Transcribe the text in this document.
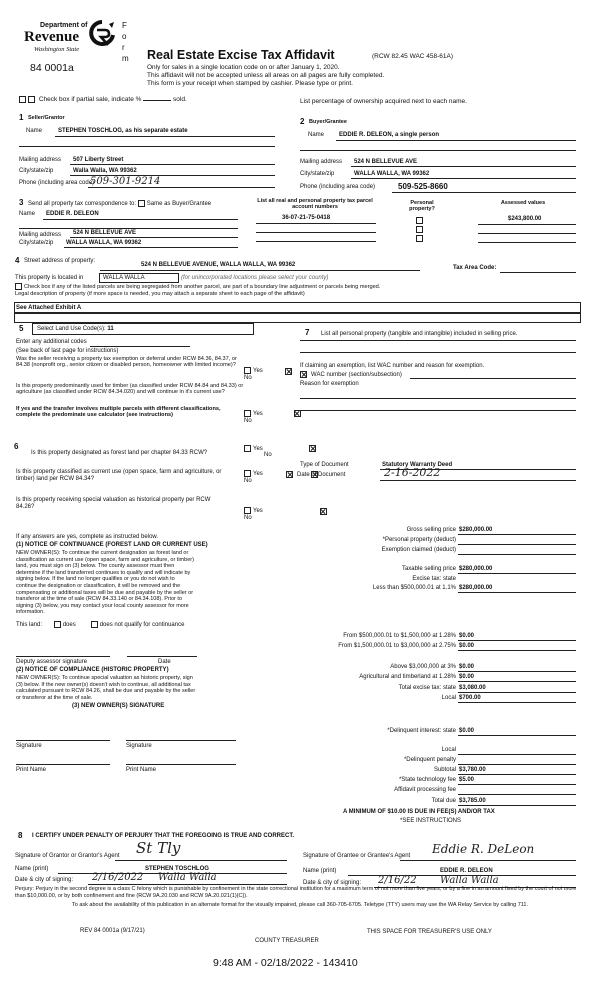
Department of
Revenue
Washington State
84 0001a
F
o
r
m Real Estate Excise Tax Affidavit	(RCW 82.45 WAC 458-61A)
Only for sales in a single location code on or after January 1, 2020.
This affidavit will not be accepted unless all areas on all pages are fully completed.
This form is your receipt when stamped by cashier. Please type or print.
Check box if partial sale, indicate %	sold.	List percentage of ownership acquired next to each name.
1 Seller/Grantor
Name	STEPHEN TOSCHLOG, as his separate estate
Mailing address 507 Liberty Street
City/state/zip	Walla Walla, WA 99362
Phone (including area code)
509-301-9214
2 Buyer/Grantee
Name EDDIE R. DELEON, a single person
Mailing address 524 N BELLEVUE AVE
City/state/zip	WALLA WALLA, WA 99362
Phone (including area code)	509-525-8660
3 Send all property tax correspondence to: Same as Buyer/Grantee
Name EDDIE R. DELEON
Mailing address 524 N BELLEVUE AVE
City/state/zip WALLA WALLA, WA 99362
List all real and personal property tax parcel account numbers
36-07-21-75-0418
Personal property?
Assessed values
$243,800.00
4 Street address of property:
524 N BELLEVUE AVENUE, WALLA WALLA, WA 99362	Tax Area Code:
This property is located in	WALLA WALLA	(for unincorporated locations please select your county)
Check box if any of the listed parcels are being segregated from another parcel, are part of a boundary line adjustment or parcels being merged.
Legal description of property (if more space is needed, you may attach a separate sheet to each page of the affidavit)
See Attached Exhibit A
5 Select Land Use Code(s): 11
Enter any additional codes
(See back of last page for instructions)
Was the seller receiving a property tax exemption or deferral under RCW 84.36, 84.37, or 84.38 (nonprofit org., senior citizen or disabled person, homeowner with limited income)?
Yes
No

Is this property predominantly used for timber (as classified under RCW 84.84 and 84.33) or agriculture (as classified under RCW 84.34.020) and will continue in it's current use?
If yes and the transfer involves multiple parcels with different classifications, complete the predominate use calculator (see instructions)	Yes
No

7 List all personal property (tangible and intangible) included in selling price.
If claiming an exemption, list WAC number and reason for exemption.
WAC number (section/subsection)
Reason for exemption
6
Is this property designated as forest land per chapter 84.33 RCW?
Yes
No

Is this property classified as current use (open space, farm and agriculture, or timber) land per RCW 84.34?
Yes
No

Is this property receiving special valuation as historical property per RCW 84.26?
Yes
No
Type of Document	Statutory Warranty Deed
Date of Document	2-16-2022
If any answers are yes, complete as instructed below.
(1) NOTICE OF CONTINUANCE (FOREST LAND OR CURRENT USE)
NEW OWNER(S): To continue the current designation as forest land or
classification as current use (open space, farm and agriculture, or timber)
land, you must sign on (3) below. The county assessor must then
determine if the land transferred continues to qualify and will indicate by
signing below. If the land no longer qualifies or you do not wish to
continue the designation or classification, it will be removed and the
compensating or additional taxes will be due and payable by the seller or
transferor at the time of sale (RCW 84.33.140 or 84.34.108). Prior to
signing (3) below, you may contact your local county assessor for more
information.
This land:	does	does not qualify for continuance
Deputy assessor signature	Date
(2) NOTICE OF COMPLIANCE (HISTORIC PROPERTY)
NEW OWNER(S): To continue special valuation as historic property, sign
(3) below. If the new owner(s) doesn't wish to continue, all additional tax
calculated pursuant to RCW 84.26, shall be due and payable by the seller
or transferor at the time of sale.
(3) NEW OWNER(S) SIGNATURE
Signature	Signature
Print Name	Print Name
Gross selling price $280,000.00
*Personal property (deduct)
Exemption claimed (deduct)
Taxable selling price $280,000.00
Excise tax: state
Less than $500,000.01 at 1.1% $280,000.00
From $500,000.01 to $1,500,000 at 1.28% $0.00
From $1,500,000.01 to $3,000,000 at 2.75% $0.00
Above $3,000,000 at 3% $0.00
Agricultural and timberland at 1.28% $0.00
Total excise tax: state $3,080.00
Local $700.00
*Delinquent interest: state $0.00
Local
*Delinquent penalty
Subtotal $3,780.00
*State technology fee $5.00
Affidavit processing fee
Total due $3,785.00
A MINIMUM OF $10.00 IS DUE IN FEE(S) AND/OR TAX
*SEE INSTRUCTIONS
8 I CERTIFY UNDER PENALTY OF PERJURY THAT THE FOREGOING IS TRUE AND CORRECT.
Signature of Grantor or Grantor's Agent St Tly	Signature of Grantee or Grantee's Agent Eddie R. DeLeon
Name (print)	STEPHEN TOSCHLOG	Name (print)	EDDIE R. DELEON
Date & city of signing: 2/16/2022 Walla Walla	Date & city of signing: 2/16/22 Walla Walla
Perjury: Perjury in the second degree is a class C felony which is punishable by confinement in the state correctional institution for a maximum term of not more than five years, or by a fine in an amount fixed by the court of not more than $10,000.00, or by both confinement and fine (RCW 9A.20.030 and RCW 9A.20.021(1)(C)).
To ask about the availability of this publication in an alternate format for the visually impaired, please call 360-705-6705. Teletype (TTY) users may use the WA Relay Service by calling 711.
REV 84 0001a (9/17/21)	THIS SPACE FOR TREASURER'S USE ONLY
COUNTY TREASURER
9:48 AM - 02/18/2022 - 143410
